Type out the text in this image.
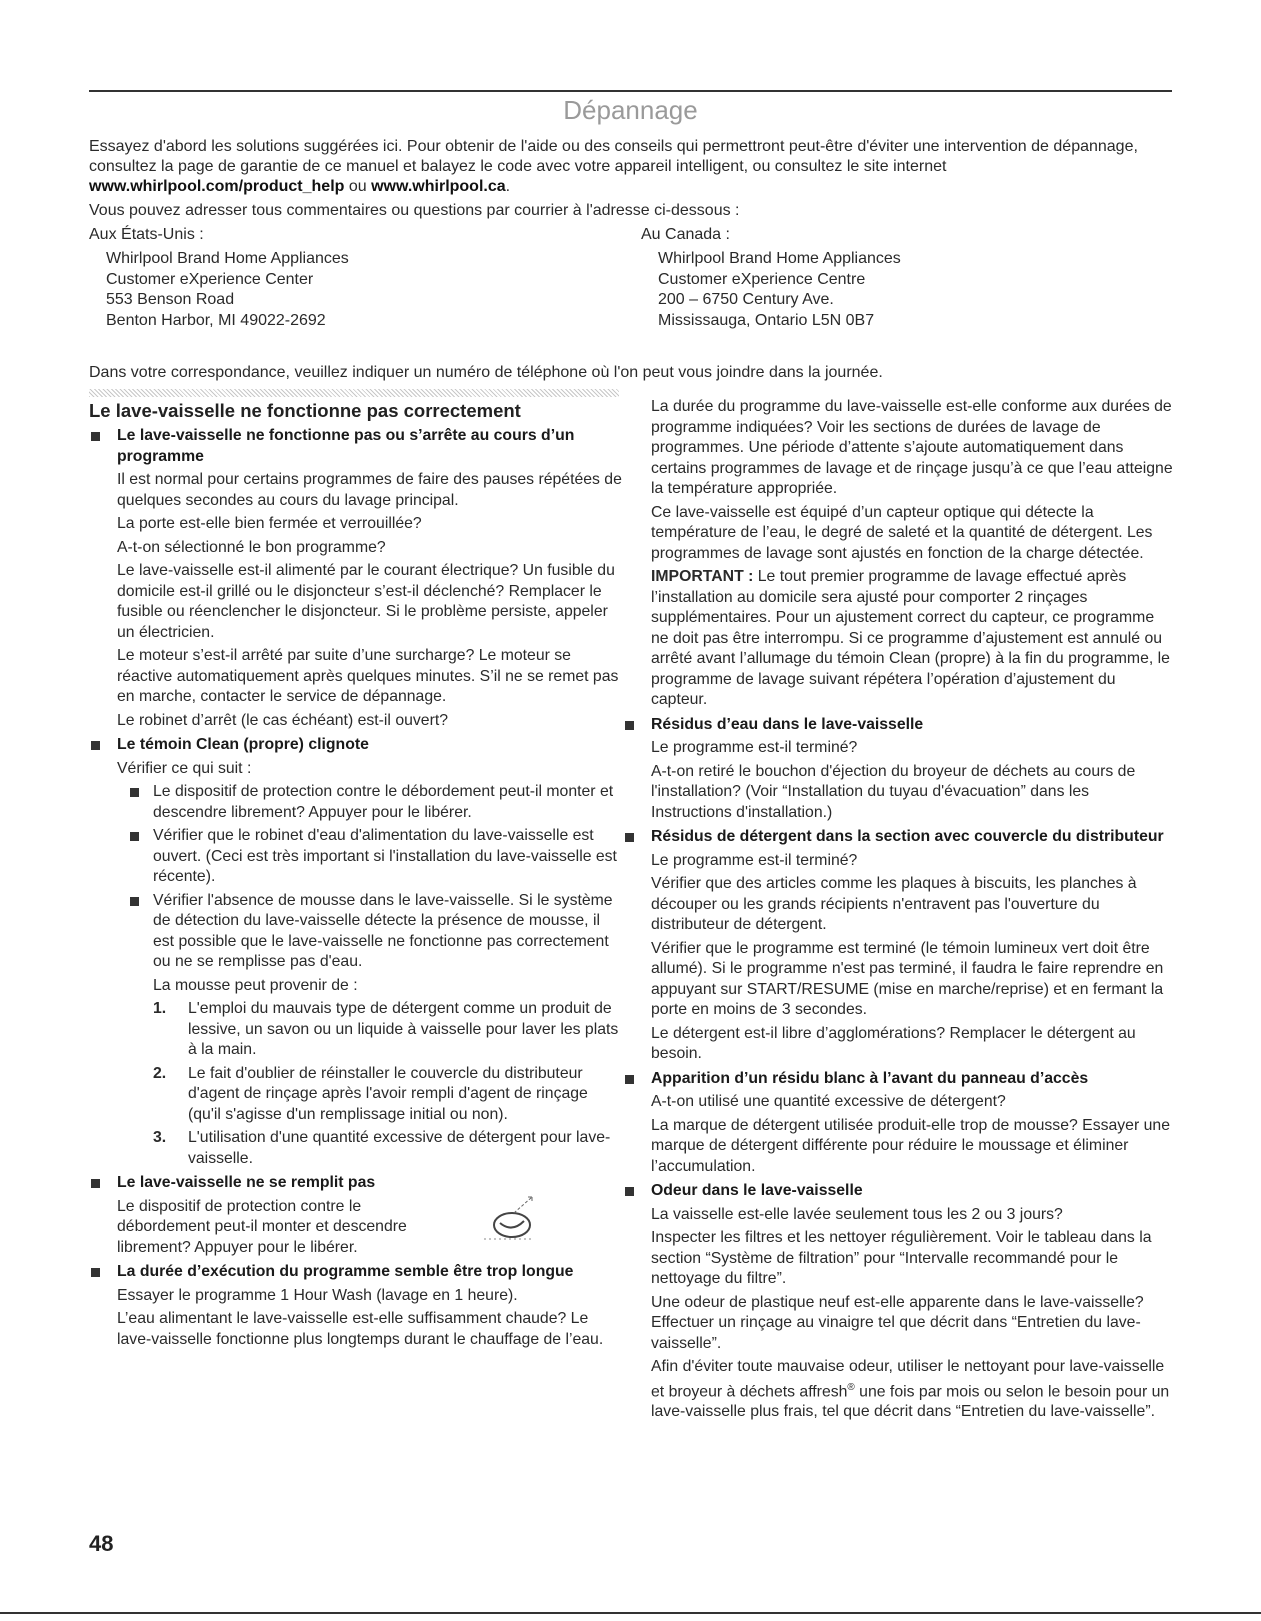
Dépannage

Essayez d'abord les solutions suggérées ici. Pour obtenir de l'aide ou des conseils qui permettront peut-être d'éviter une intervention de dépannage, consultez la page de garantie de ce manuel et balayez le code avec votre appareil intelligent, ou consultez le site internet www.whirlpool.com/product_help ou www.whirlpool.ca.

Vous pouvez adresser tous commentaires ou questions par courrier à l'adresse ci-dessous :

Aux États-Unis :
Whirlpool Brand Home Appliances
Customer eXperience Center
553 Benson Road
Benton Harbor, MI 49022-2692
Au Canada :
Whirlpool Brand Home Appliances
Customer eXperience Centre
200 – 6750 Century Ave.
Mississauga, Ontario L5N 0B7

Dans votre correspondance, veuillez indiquer un numéro de téléphone où l'on peut vous joindre dans la journée.

Le lave-vaisselle ne fonctionne pas correctement
Le lave-vaisselle ne fonctionne pas ou s’arrête au cours d’un programme

Il est normal pour certains programmes de faire des pauses répétées de quelques secondes au cours du lavage principal.

La porte est-elle bien fermée et verrouillée?

A-t-on sélectionné le bon programme?

Le lave-vaisselle est-il alimenté par le courant électrique? Un fusible du domicile est-il grillé ou le disjoncteur s’est-il déclenché? Remplacer le fusible ou réenclencher le disjoncteur. Si le problème persiste, appeler un électricien.

Le moteur s’est-il arrêté par suite d’une surcharge? Le moteur se réactive automatiquement après quelques minutes. S’il ne se remet pas en marche, contacter le service de dépannage.

Le robinet d’arrêt (le cas échéant) est-il ouvert?

Le témoin Clean (propre) clignote

Vérifier ce qui suit :

Le dispositif de protection contre le débordement peut-il monter et descendre librement? Appuyer pour le libérer.

Vérifier que le robinet d'eau d'alimentation du lave-vaisselle est ouvert. (Ceci est très important si l'installation du lave-vaisselle est récente).

Vérifier l'absence de mousse dans le lave-vaisselle. Si le système de détection du lave-vaisselle détecte la présence de mousse, il est possible que le lave-vaisselle ne fonctionne pas correctement ou ne se remplisse pas d'eau.

La mousse peut provenir de :

1. L'emploi du mauvais type de détergent comme un produit de lessive, un savon ou un liquide à vaisselle pour laver les plats à la main.

2. Le fait d'oublier de réinstaller le couvercle du distributeur d'agent de rinçage après l'avoir rempli d'agent de rinçage (qu'il s'agisse d'un remplissage initial ou non).

3. L'utilisation d'une quantité excessive de détergent pour lave-vaisselle.

Le lave-vaisselle ne se remplit pas

Le dispositif de protection contre le débordement peut-il monter et descendre librement? Appuyer pour le libérer.

La durée d’exécution du programme semble être trop longue

Essayer le programme 1 Hour Wash (lavage en 1 heure).

L’eau alimentant le lave-vaisselle est-elle suffisamment chaude? Le lave-vaisselle fonctionne plus longtemps durant le chauffage de l’eau.

La durée du programme du lave-vaisselle est-elle conforme aux durées de programme indiquées? Voir les sections de durées de lavage de programmes. Une période d’attente s’ajoute automatiquement dans certains programmes de lavage et de rinçage jusqu’à ce que l’eau atteigne la température appropriée.

Ce lave-vaisselle est équipé d’un capteur optique qui détecte la température de l’eau, le degré de saleté et la quantité de détergent. Les programmes de lavage sont ajustés en fonction de la charge détectée.

IMPORTANT : Le tout premier programme de lavage effectué après l’installation au domicile sera ajusté pour comporter 2 rinçages supplémentaires. Pour un ajustement correct du capteur, ce programme ne doit pas être interrompu. Si ce programme d’ajustement est annulé ou arrêté avant l’allumage du témoin Clean (propre) à la fin du programme, le programme de lavage suivant répétera l’opération d’ajustement du capteur.

Résidus d’eau dans le lave-vaisselle

Le programme est-il terminé?

A-t-on retiré le bouchon d'éjection du broyeur de déchets au cours de l'installation? (Voir “Installation du tuyau d'évacuation” dans les Instructions d'installation.)

Résidus de détergent dans la section avec couvercle du distributeur

Le programme est-il terminé?

Vérifier que des articles comme les plaques à biscuits, les planches à découper ou les grands récipients n'entravent pas l'ouverture du distributeur de détergent.

Vérifier que le programme est terminé (le témoin lumineux vert doit être allumé). Si le programme n'est pas terminé, il faudra le faire reprendre en appuyant sur START/RESUME (mise en marche/reprise) et en fermant la porte en moins de 3 secondes.

Le détergent est-il libre d’agglomérations? Remplacer le détergent au besoin.

Apparition d’un résidu blanc à l’avant du panneau d’accès

A-t-on utilisé une quantité excessive de détergent?

La marque de détergent utilisée produit-elle trop de mousse? Essayer une marque de détergent différente pour réduire le moussage et éliminer l’accumulation.

Odeur dans le lave-vaisselle

La vaisselle est-elle lavée seulement tous les 2 ou 3 jours?

Inspecter les filtres et les nettoyer régulièrement. Voir le tableau dans la section “Système de filtration” pour “Intervalle recommandé pour le nettoyage du filtre”.

Une odeur de plastique neuf est-elle apparente dans le lave-vaisselle? Effectuer un rinçage au vinaigre tel que décrit dans “Entretien du lave-vaisselle”.

Afin d'éviter toute mauvaise odeur, utiliser le nettoyant pour lave-vaisselle et broyeur à déchets affresh® une fois par mois ou selon le besoin pour un lave-vaisselle plus frais, tel que décrit dans “Entretien du lave-vaisselle”.

48
